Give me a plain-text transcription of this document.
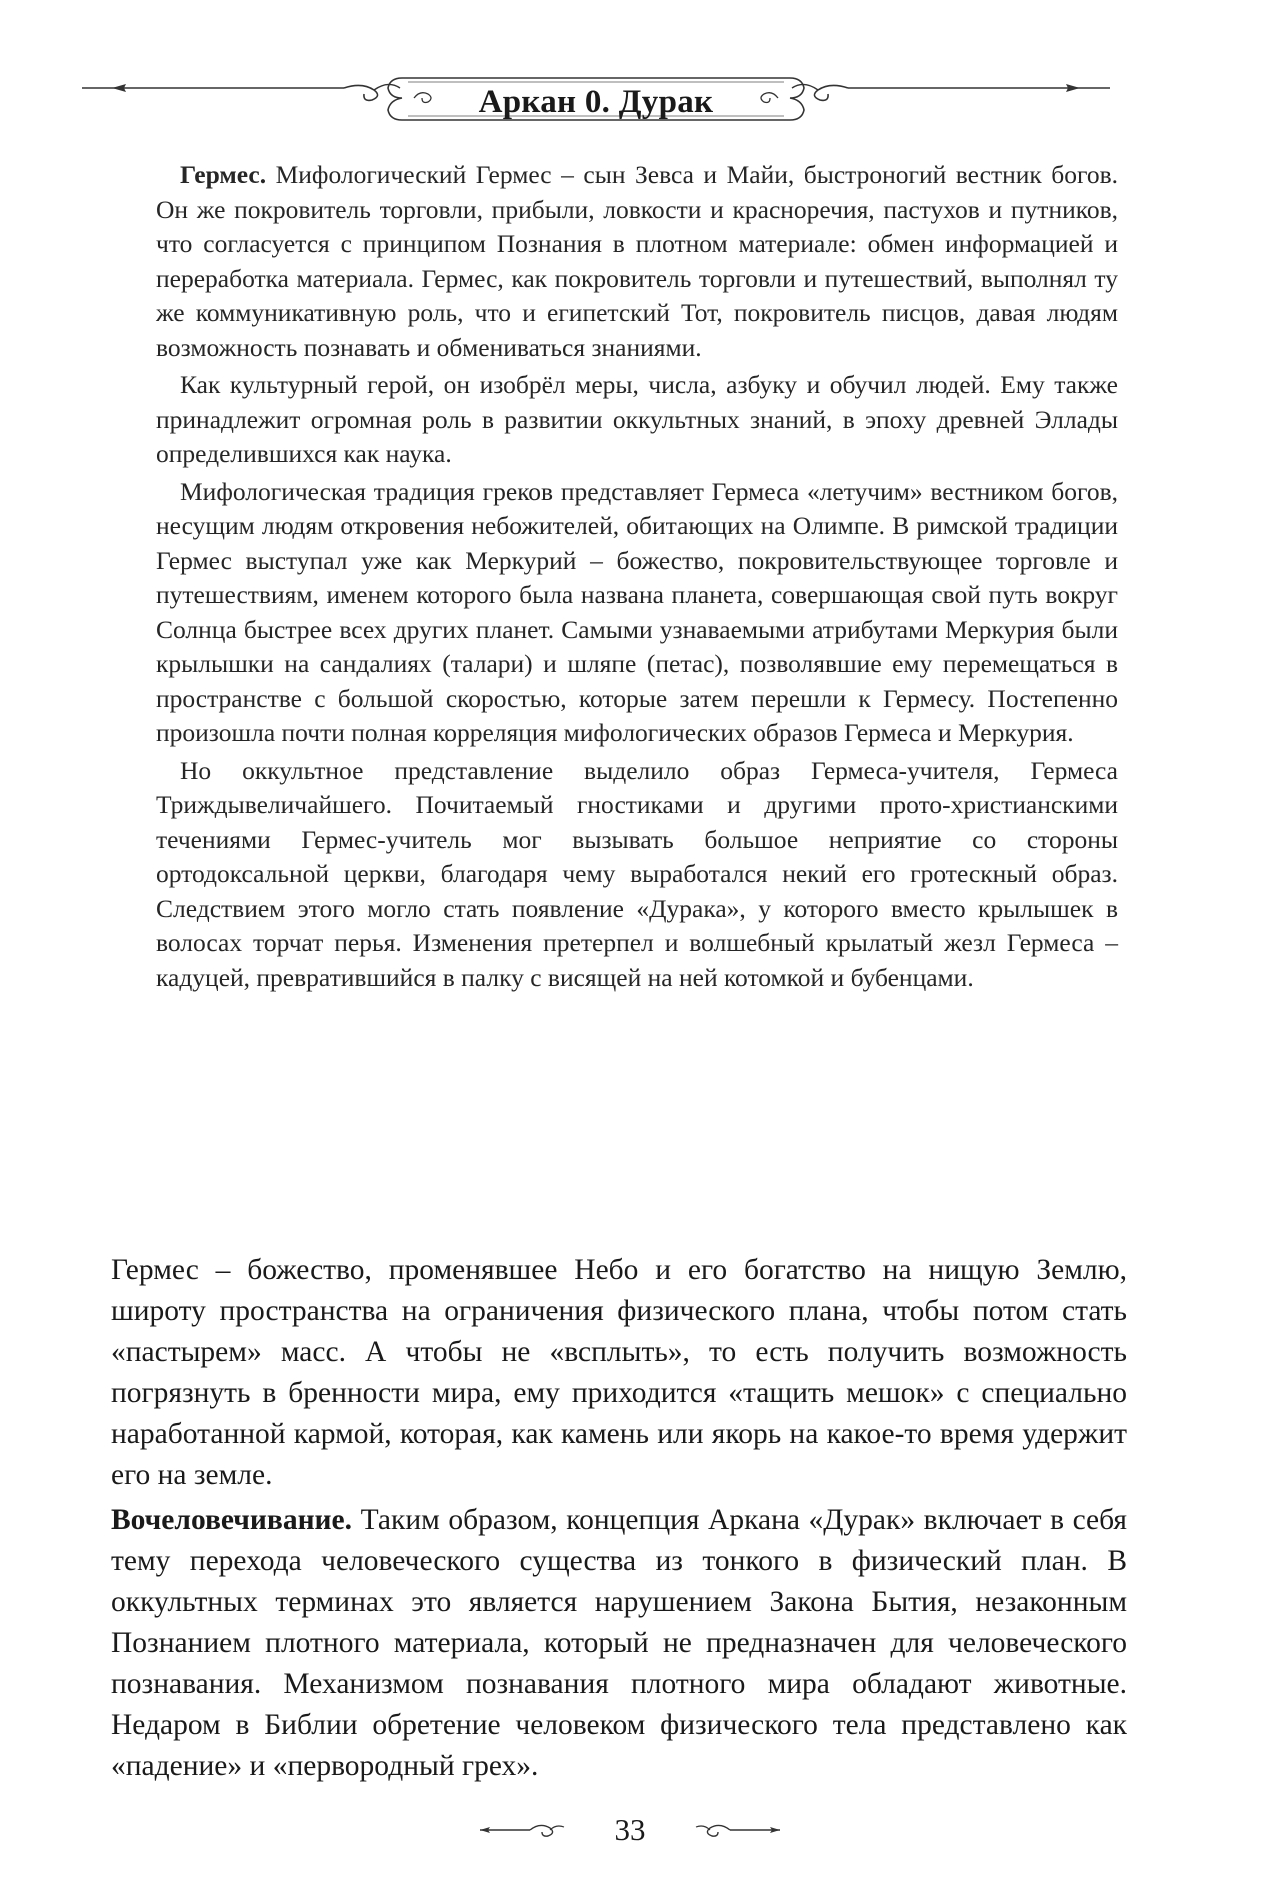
Аркан 0. Дурак

Гермес. Мифологический Гермес – сын Зевса и Майи, быстроногий вестник богов. Он же покровитель торговли, прибыли, ловкости и красноречия, пастухов и путников, что согласуется с принципом Познания в плотном материале: обмен информацией и переработка материала. Гермес, как покровитель торговли и путешествий, выполнял ту же коммуникативную роль, что и египетский Тот, покровитель писцов, давая людям возможность познавать и обмениваться знаниями.

Как культурный герой, он изобрёл меры, числа, азбуку и обучил людей. Ему также принадлежит огромная роль в развитии оккультных знаний, в эпоху древней Эллады определившихся как наука.

Мифологическая традиция греков представляет Гермеса «летучим» вестником богов, несущим людям откровения небожителей, обитающих на Олимпе. В римской традиции Гермес выступал уже как Меркурий – божество, покровительствующее торговле и путешествиям, именем которого была названа планета, совершающая свой путь вокруг Солнца быстрее всех других планет. Самыми узнаваемыми атрибутами Меркурия были крылышки на сандалиях (талари) и шляпе (петас), позволявшие ему перемещаться в пространстве с большой скоростью, которые затем перешли к Гермесу. Постепенно произошла почти полная корреляция мифологических образов Гермеса и Меркурия.

Но оккультное представление выделило образ Гермеса-учителя, Гермеса Триждывеличайшего. Почитаемый гностиками и другими прото-христианскими течениями Гермес-учитель мог вызывать большое неприятие со стороны ортодоксальной церкви, благодаря чему выработался некий его гротескный образ. Следствием этого могло стать появление «Дурака», у которого вместо крылышек в волосах торчат перья. Изменения претерпел и волшебный крылатый жезл Гермеса – кадуцей, превратившийся в палку с висящей на ней котомкой и бубенцами.

Гермес – божество, променявшее Небо и его богатство на нищую Землю, широту пространства на ограничения физического плана, чтобы потом стать «пастырем» масс. А чтобы не «всплыть», то есть получить возможность погрязнуть в бренности мира, ему приходится «тащить мешок» с специально наработанной кармой, которая, как камень или якорь на какое-то время удержит его на земле.

Вочеловечивание. Таким образом, концепция Аркана «Дурак» включает в себя тему перехода человеческого существа из тонкого в физический план. В оккультных терминах это является нарушением Закона Бытия, незаконным Познанием плотного материала, который не предназначен для человеческого познавания. Механизмом познавания плотного мира обладают животные. Недаром в Библии обретение человеком физического тела представлено как «падение» и «первородный грех».

33
